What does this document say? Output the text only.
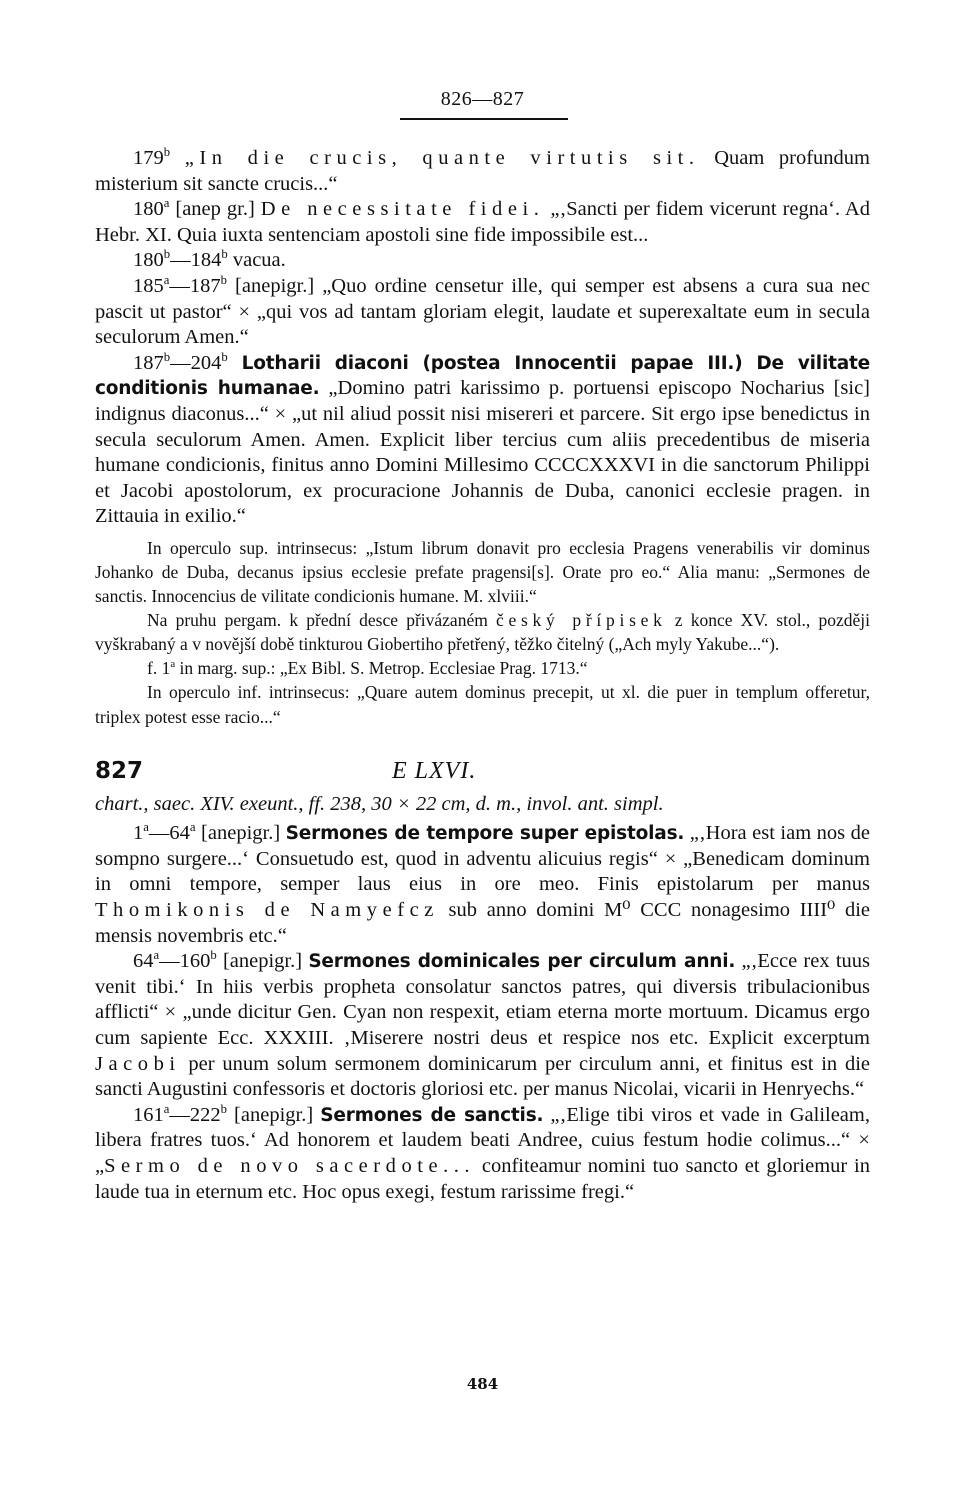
826—827

179$^b$ „In die crucis, quante virtutis sit. Quam profundum misterium sit sancte crucis...“

180$^a$ [anep gr.] De necessitate fidei. „‚Sancti per fidem vicerunt regna‘. Ad Hebr. XI. Quia iuxta sentenciam apostoli sine fide impossibile est...

180$^b$—184$^b$ vacua.

185$^a$—187$^b$ [anepigr.] „Quo ordine censetur ille, qui semper est absens a cura sua nec pascit ut pastor“ × „qui vos ad tantam gloriam elegit, laudate et superexaltate eum in secula seculorum Amen.“

187$^b$—204$^b$ Lotharii diaconi (postea Innocentii papae III.) De vilitate conditionis humanae. „Domino patri karissimo p. portuensi episcopo Nocharius [sic] indignus diaconus...“ × „ut nil aliud possit nisi misereri et parcere. Sit ergo ipse benedictus in secula seculorum Amen. Amen. Explicit liber tercius cum aliis precedentibus de miseria humane condicionis, finitus anno Domini Millesimo CCCCXXXVI in die sanctorum Philippi et Jacobi apostolorum, ex procuracione Johannis de Duba, canonici ecclesie pragen. in Zittauia in exilio.“

In operculo sup. intrinsecus: „Istum librum donavit pro ecclesia Pragens venerabilis vir dominus Johanko de Duba, decanus ipsius ecclesie prefate pragensi[s]. Orate pro eo.“ Alia manu: „Sermones de sanctis. Innocencius de vilitate condicionis humane. M. xlviii.“

Na pruhu pergam. k přední desce přivázaném český přípisek z konce XV. stol., později vyškrabaný a v novější době tinkturou Giobertiho přetřený, těžko čitelný („Ach myly Yakube...“).

f. 1$^a$ in marg. sup.: „Ex Bibl. S. Metrop. Ecclesiae Prag. 1713.“

In operculo inf. intrinsecus: „Quare autem dominus precepit, ut xl. die puer in templum offeretur, triplex potest esse racio...“

827	E LXVI.

chart., saec. XIV. exeunt., ff. 238, 30 × 22 cm, d. m., invol. ant. simpl.

1$^a$—64$^a$ [anepigr.] Sermones de tempore super epistolas. „‚Hora est iam nos de sompno surgere...‘ Consuetudo est, quod in adventu alicuius regis“ × „Benedicam dominum in omni tempore, semper laus eius in ore meo. Finis epistolarum per manus Thomikonis de Namyefcz sub anno domini M⁰ CCC nonagesimo IIII⁰ die mensis novembris etc.“

64$^a$—160$^b$ [anepigr.] Sermones dominicales per circulum anni. „‚Ecce rex tuus venit tibi.‘ In hiis verbis propheta consolatur sanctos patres, qui diversis tribulacionibus afflicti“ × „unde dicitur Gen. Cyan non respexit, etiam eterna morte mortuum. Dicamus ergo cum sapiente Ecc. XXXIII. ‚Miserere nostri deus et respice nos etc. Explicit excerptum Jacobi per unum solum sermonem dominicarum per circulum anni, et finitus est in die sancti Augustini confessoris et doctoris gloriosi etc. per manus Nicolai, vicarii in Henryechs.“

161$^a$—222$^b$ [anepigr.] Sermones de sanctis. „‚Elige tibi viros et vade in Galileam, libera fratres tuos.‘ Ad honorem et laudem beati Andree, cuius festum hodie colimus...“ × „Sermo de novo sacerdote... confiteamur nomini tuo sancto et gloriemur in laude tua in eternum etc. Hoc opus exegi, festum rarissime fregi.“

484
